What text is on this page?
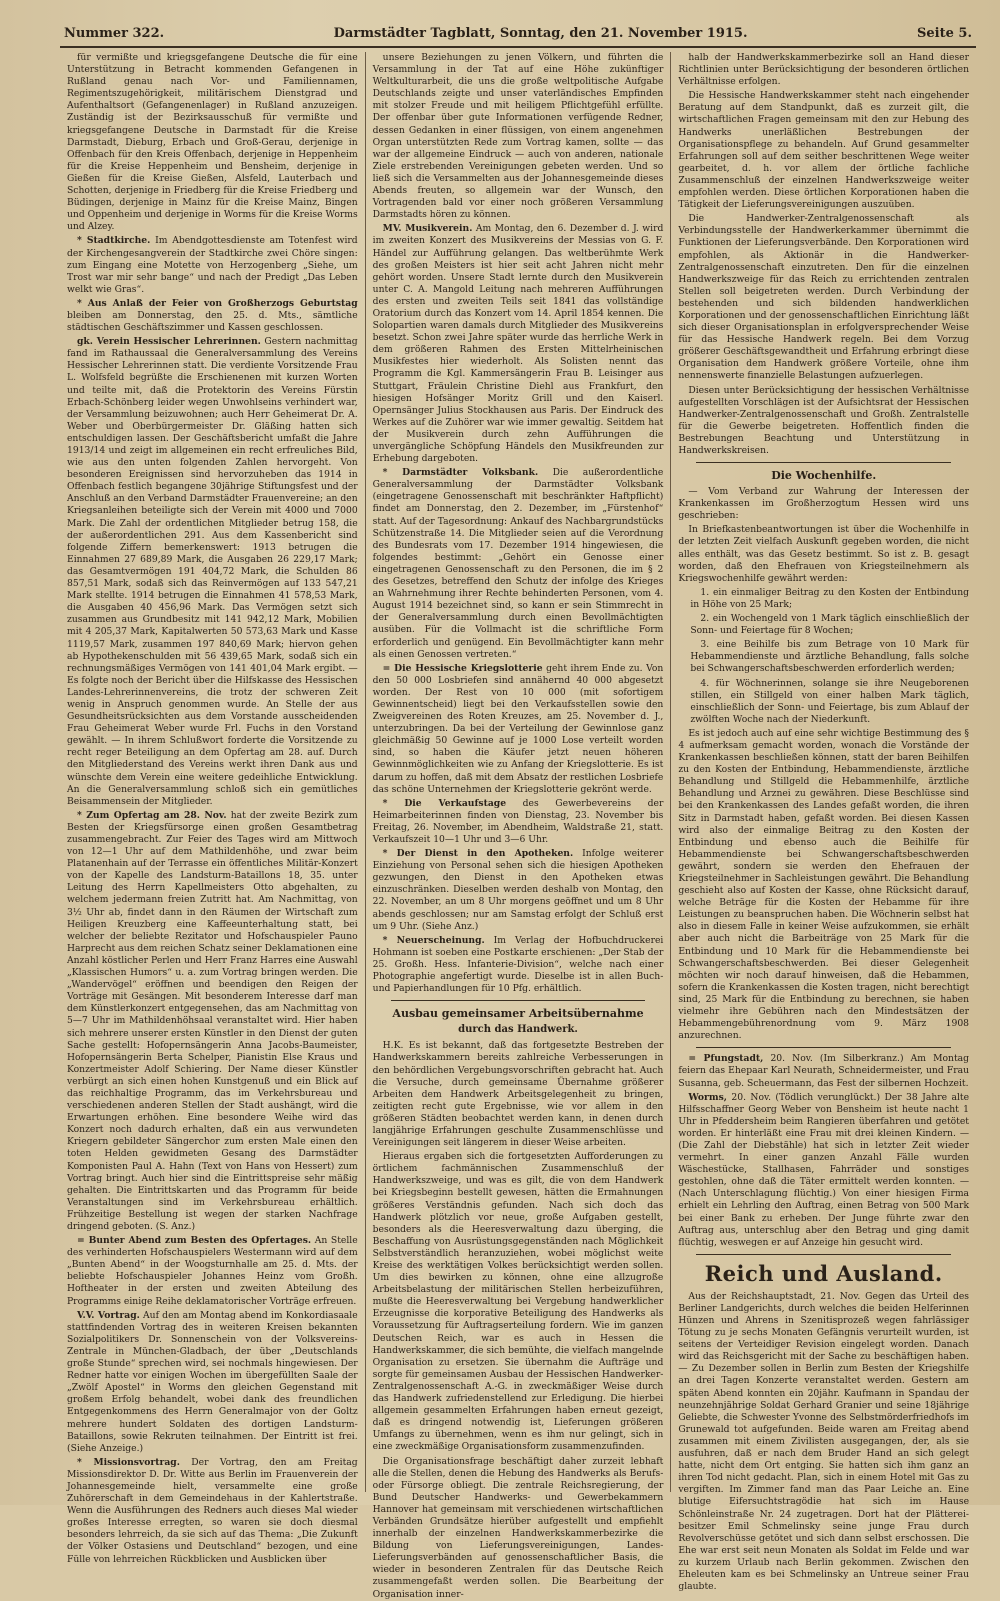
Nummer 322.	Darmstädter Tagblatt, Sonntag, den 21. November 1915.	Seite 5.

für vermißte und kriegsgefangene Deutsche die für eine Unterstützung in Betracht kommenden Gefangenen in Rußland genau nach Vor- und Familiennamen, Regimentszugehörigkeit, militärischem Dienstgrad und Aufenthaltsort (Gefangenenlager) in Rußland anzuzeigen. Zuständig ist der Bezirksausschuß für vermißte und kriegsgefangene Deutsche in Darmstadt für die Kreise Darmstadt, Dieburg, Erbach und Groß-Gerau, derjenige in Offenbach für den Kreis Offenbach, derjenige in Heppenheim für die Kreise Heppenheim und Bensheim, derjenige in Gießen für die Kreise Gießen, Alsfeld, Lauterbach und Schotten, derjenige in Friedberg für die Kreise Friedberg und Büdingen, derjenige in Mainz für die Kreise Mainz, Bingen und Oppenheim und derjenige in Worms für die Kreise Worms und Alzey.

* Stadtkirche. Im Abendgottesdienste am Totenfest wird der Kirchengesangverein der Stadtkirche zwei Chöre singen: zum Eingang eine Motette von Herzogenberg „Siehe, um Trost war mir sehr bange“ und nach der Predigt „Das Leben welkt wie Gras“.

* Aus Anlaß der Feier von Großherzogs Geburtstag bleiben am Donnerstag, den 25. d. Mts., sämtliche städtischen Geschäftszimmer und Kassen geschlossen.

gk. Verein Hessischer Lehrerinnen. Gestern nachmittag fand im Rathaussaal die Generalversammlung des Vereins Hessischer Lehrerinnen statt. Die verdiente Vorsitzende Frau L. Wolfsfeld begrüßte die Erschienenen mit kurzen Worten und teilte mit, daß die Protektorin des Vereins Fürstin Erbach-Schönberg leider wegen Unwohlseins verhindert war, der Versammlung beizuwohnen; auch Herr Geheimerat Dr. A. Weber und Oberbürgermeister Dr. Gläßing hatten sich entschuldigen lassen. Der Geschäftsbericht umfaßt die Jahre 1913/14 und zeigt im allgemeinen ein recht erfreuliches Bild, wie aus den unten folgenden Zahlen hervorgeht. Von besonderen Ereignissen sind hervorzuheben das 1914 in Offenbach festlich begangene 30jährige Stiftungsfest und der Anschluß an den Verband Darmstädter Frauenvereine; an den Kriegsanleihen beteiligte sich der Verein mit 4000 und 7000 Mark. Die Zahl der ordentlichen Mitglieder betrug 158, die der außerordentlichen 291. Aus dem Kassenbericht sind folgende Ziffern bemerkenswert: 1913 betrugen die Einnahmen 27 689,89 Mark, die Ausgaben 26 229,17 Mark; das Gesamtvermögen 191 404,72 Mark, die Schulden 86 857,51 Mark, sodaß sich das Reinvermögen auf 133 547,21 Mark stellte. 1914 betrugen die Einnahmen 41 578,53 Mark, die Ausgaben 40 456,96 Mark. Das Vermögen setzt sich zusammen aus Grundbesitz mit 141 942,12 Mark, Mobilien mit 4 205,37 Mark, Kapitalwerten 50 573,63 Mark und Kasse 1119,57 Mark, zusammen 197 840,69 Mark; hiervon gehen ab Hypothekenschulden mit 56 439,65 Mark, sodaß sich ein rechnungsmäßiges Vermögen von 141 401,04 Mark ergibt. — Es folgte noch der Bericht über die Hilfskasse des Hessischen Landes-Lehrerinnenvereins, die trotz der schweren Zeit wenig in Anspruch genommen wurde. An Stelle der aus Gesundheitsrücksichten aus dem Vorstande ausscheidenden Frau Geheimerat Weber wurde Frl. Fuchs in den Vorstand gewählt. — In ihrem Schlußwort forderte die Vorsitzende zu recht reger Beteiligung an dem Opfertag am 28. auf. Durch den Mitgliederstand des Vereins werkt ihren Dank aus und wünschte dem Verein eine weitere gedeihliche Entwicklung. An die Generalversammlung schloß sich ein gemütliches Beisammensein der Mitglieder.

* Zum Opfertag am 28. Nov. hat der zweite Bezirk zum Besten der Kriegsfürsorge einen großen Gesamtbetrag zusammengebracht. Zur Feier des Tages wird am Mittwoch von 12—1 Uhr auf dem Mathildenhöhe, und zwar beim Platanenhain auf der Terrasse ein öffentliches Militär-Konzert von der Kapelle des Landsturm-Bataillons 18, 35. unter Leitung des Herrn Kapellmeisters Otto abgehalten, zu welchem jedermann freien Zutritt hat. Am Nachmittag, von 3½ Uhr ab, findet dann in den Räumen der Wirtschaft zum Heiligen Kreuzberg eine Kaffeeunterhaltung statt, bei welcher der beliebte Rezitator und Hofschauspieler Pauno Harprecht aus dem reichen Schatz seiner Deklamationen eine Anzahl köstlicher Perlen und Herr Franz Harres eine Auswahl „Klassischen Humors“ u. a. zum Vortrag bringen werden. Die „Wandervögel“ eröffnen und beendigen den Reigen der Vorträge mit Gesängen. Mit besonderem Interesse darf man dem Künstlerkonzert entgegensehen, das am Nachmittag von 5—7 Uhr im Mathildenhöhsaal veranstaltet wird. Hier haben sich mehrere unserer ersten Künstler in den Dienst der guten Sache gestellt: Hofopernsängerin Anna Jacobs-Baumeister, Hofopernsängerin Berta Schelper, Pianistin Else Kraus und Konzertmeister Adolf Schiering. Der Name dieser Künstler verbürgt an sich einen hohen Kunstgenuß und ein Blick auf das reichhaltige Programm, das im Verkehrsbureau und verschiedenen anderen Stellen der Stadt aushängt, wird die Erwartungen erhöhen. Eine besondere Weihe wird das Konzert noch dadurch erhalten, daß ein aus verwundeten Kriegern gebildeter Sängerchor zum ersten Male einen den toten Helden gewidmeten Gesang des Darmstädter Komponisten Paul A. Hahn (Text von Hans von Hessert) zum Vortrag bringt. Auch hier sind die Eintrittspreise sehr mäßig gehalten. Die Eintrittskarten und das Programm für beide Veranstaltungen sind im Verkehrsbureau erhältlich. Frühzeitige Bestellung ist wegen der starken Nachfrage dringend geboten. (S. Anz.)

= Bunter Abend zum Besten des Opfertages. An Stelle des verhinderten Hofschauspielers Westermann wird auf dem „Bunten Abend“ in der Woogsturnhalle am 25. d. Mts. der beliebte Hofschauspieler Johannes Heinz vom Großh. Hoftheater in der ersten und zweiten Abteilung des Programms einige Reihe deklamatorischer Vorträge erfreuen.

V.V. Vortrag. Auf den am Montag abend im Konkordiasaale stattfindenden Vortrag des in weiteren Kreisen bekannten Sozialpolitikers Dr. Sonnenschein von der Volksvereins-Zentrale in München-Gladbach, der über „Deutschlands große Stunde“ sprechen wird, sei nochmals hingewiesen. Der Redner hatte vor einigen Wochen im übergefüllten Saale der „Zwölf Apostel“ in Worms den gleichen Gegenstand mit großem Erfolg behandelt, wobei dank des freundlichen Entgegenkommens des Herrn Generalmajor von der Goltz mehrere hundert Soldaten des dortigen Landsturm-Bataillons, sowie Rekruten teilnahmen. Der Eintritt ist frei. (Siehe Anzeige.)

* Missionsvortrag. Der Vortrag, den am Freitag Missionsdirektor D. Dr. Witte aus Berlin im Frauenverein der Johannesgemeinde hielt, versammelte eine große Zuhörerschaft in dem Gemeindehaus in der Kahlertstraße. Wenn die Ausführungen des Redners auch dieses Mal wieder großes Interesse erregten, so waren sie doch diesmal besonders lehrreich, da sie sich auf das Thema: „Die Zukunft der Völker Ostasiens und Deutschland“ bezogen, und eine Fülle von lehrreichen Rückblicken und Ausblicken über

unsere Beziehungen zu jenen Völkern, und führten die Versammlung in der Tat auf eine Höhe zukünftiger Weltkulturarbeit, die uns die große weltpolitische Aufgabe Deutschlands zeigte und unser vaterländisches Empfinden mit stolzer Freude und mit heiligem Pflichtgefühl erfüllte. Der offenbar über gute Informationen verfügende Redner, dessen Gedanken in einer flüssigen, von einem angenehmen Organ unterstützten Rede zum Vortrag kamen, sollte — das war der allgemeine Eindruck — auch von anderen, nationale Ziele erstrebenden Vereinigungen gebeten werden. Und so ließ sich die Versammelten aus der Johannesgemeinde dieses Abends freuten, so allgemein war der Wunsch, den Vortragenden bald vor einer noch größeren Versammlung Darmstadts hören zu können.

MV. Musikverein. Am Montag, den 6. Dezember d. J. wird im zweiten Konzert des Musikvereins der Messias von G. F. Händel zur Aufführung gelangen. Das weltberühmte Werk des großen Meisters ist hier seit acht Jahren nicht mehr gehört worden. Unsere Stadt lernte durch den Musikverein unter C. A. Mangold Leitung nach mehreren Aufführungen des ersten und zweiten Teils seit 1841 das vollständige Oratorium durch das Konzert vom 14. April 1854 kennen. Die Solopartien waren damals durch Mitglieder des Musikvereins besetzt. Schon zwei Jahre später wurde das herrliche Werk in dem größeren Rahmen des Ersten Mittelrheinischen Musikfestes hier wiederholt. Als Solisten nennt das Programm die Kgl. Kammersängerin Frau B. Leisinger aus Stuttgart, Fräulein Christine Diehl aus Frankfurt, den hiesigen Hofsänger Moritz Grill und den Kaiserl. Opernsänger Julius Stockhausen aus Paris. Der Eindruck des Werkes auf die Zuhörer war wie immer gewaltig. Seitdem hat der Musikverein durch zehn Aufführungen die unvergängliche Schöpfung Händels den Musikfreunden zur Erhebung dargeboten.

* Darmstädter Volksbank. Die außerordentliche Generalversammlung der Darmstädter Volksbank (eingetragene Genossenschaft mit beschränkter Haftpflicht) findet am Donnerstag, den 2. Dezember, im „Fürstenhof“ statt. Auf der Tagesordnung: Ankauf des Nachbargrundstücks Schützenstraße 14. Die Mitglieder seien auf die Verordnung des Bundesrats vom 17. Dezember 1914 hingewiesen, die folgendes bestimmt: „Gehört ein Genosse einer eingetragenen Genossenschaft zu den Personen, die im § 2 des Gesetzes, betreffend den Schutz der infolge des Krieges an Wahrnehmung ihrer Rechte behinderten Personen, vom 4. August 1914 bezeichnet sind, so kann er sein Stimmrecht in der Generalversammlung durch einen Bevollmächtigten ausüben. Für die Vollmacht ist die schriftliche Form erforderlich und genügend. Ein Bevollmächtigter kann mehr als einen Genossen vertreten.“

= Die Hessische Kriegslotterie geht ihrem Ende zu. Von den 50 000 Losbriefen sind annähernd 40 000 abgesetzt worden. Der Rest von 10 000 (mit sofortigem Gewinnentscheid) liegt bei den Verkaufsstellen sowie den Zweigvereinen des Roten Kreuzes, am 25. November d. J., unterzubringen. Da bei der Verteilung der Gewinnlose ganz gleichmäßig 50 Gewinne auf je 1000 Lose verteilt worden sind, so haben die Käufer jetzt neuen höheren Gewinnmöglichkeiten wie zu Anfang der Kriegslotterie. Es ist darum zu hoffen, daß mit dem Absatz der restlichen Losbriefe das schöne Unternehmen der Kriegslotterie gekrönt werde.

* Die Verkaufstage des Gewerbevereins der Heimarbeiterinnen finden von Dienstag, 23. November bis Freitag, 26. November, im Abendheim, Waldstraße 21, statt. Verkaufszeit 10—1 Uhr und 3—6 Uhr.

* Der Dienst in den Apotheken. Infolge weiterer Einziehung von Personal sehen sich die hiesigen Apotheken gezwungen, den Dienst in den Apotheken etwas einzuschränken. Dieselben werden deshalb von Montag, den 22. November, an um 8 Uhr morgens geöffnet und um 8 Uhr abends geschlossen; nur am Samstag erfolgt der Schluß erst um 9 Uhr. (Siehe Anz.)

* Neuerscheinung. Im Verlag der Hofbuchdruckerei Hohmann ist soeben eine Postkarte erschienen: „Der Stab der 25. Großh. Hess. Infanterie-Division“, welche nach einer Photographie angefertigt wurde. Dieselbe ist in allen Buch- und Papierhandlungen für 10 Pfg. erhältlich.

Ausbau gemeinsamer Arbeitsübernahme
durch das Handwerk.

H.K. Es ist bekannt, daß das fortgesetzte Bestreben der Handwerkskammern bereits zahlreiche Verbesserungen in den behördlichen Vergebungsvorschriften gebracht hat. Auch die Versuche, durch gemeinsame Übernahme größerer Arbeiten dem Handwerk Arbeitsgelegenheit zu bringen, zeitigten recht gute Ergebnisse, wie vor allem in den größeren Städten beobachtet werden kann, in denen durch langjährige Erfahrungen geschulte Zusammenschlüsse und Vereinigungen seit längerem in dieser Weise arbeiten.

Hieraus ergaben sich die fortgesetzten Aufforderungen zu örtlichem fachmännischen Zusammenschluß der Handwerkszweige, und was es gilt, die von dem Handwerk bei Kriegsbeginn bestellt gewesen, hätten die Ermahnungen größeres Verständnis gefunden. Nach sich doch das Handwerk plötzlich vor neue, große Aufgaben gestellt, besonders als die Heeresverwaltung dazu überging, die Beschaffung von Ausrüstungsgegenständen nach Möglichkeit Selbstverständlich heranzuziehen, wobei möglichst weite Kreise des werktätigen Volkes berücksichtigt werden sollen. Um dies bewirken zu können, ohne eine allzugroße Arbeitsbelastung der militärischen Stellen herbeizuführen, mußte die Heeresverwaltung bei Vergebung handwerklicher Erzeugnisse die korporative Beteiligung des Handwerks als Voraussetzung für Auftragserteilung fordern. Wie im ganzen Deutschen Reich, war es auch in Hessen die Handwerkskammer, die sich bemühte, die vielfach mangelnde Organisation zu ersetzen. Sie übernahm die Aufträge und sorgte für gemeinsamen Ausbau der Hessischen Handwerker-Zentralgenossenschaft A.-G. in zweckmäßiger Weise durch das Handwerk zufriedenstellend zur Erledigung. Die hierbei allgemein gesammelten Erfahrungen haben erneut gezeigt, daß es dringend notwendig ist, Lieferungen größeren Umfangs zu übernehmen, wenn es ihm nur gelingt, sich in eine zweckmäßige Organisationsform zusammenzufinden.

Die Organisationsfrage beschäftigt daher zurzeit lebhaft alle die Stellen, denen die Hebung des Handwerks als Berufs- oder Fürsorge obliegt. Die zentrale Reichsregierung, der Bund Deutscher Handwerks- und Gewerbekammern Hannover hat gemeinsam mit verschiedenen wirtschaftlichen Verbänden Grundsätze hierüber aufgestellt und empfiehlt innerhalb der einzelnen Handwerkskammerbezirke die Bildung von Lieferungsvereinigungen, Landes-Lieferungsverbänden auf genossenschaftlicher Basis, die wieder in besonderen Zentralen für das Deutsche Reich zusammengefaßt werden sollen. Die Bearbeitung der Organisation inner-

halb der Handwerkskammerbezirke soll an Hand dieser Richtlinien unter Berücksichtigung der besonderen örtlichen Verhältnisse erfolgen.

Die Hessische Handwerkskammer steht nach eingehender Beratung auf dem Standpunkt, daß es zurzeit gilt, die wirtschaftlichen Fragen gemeinsam mit den zur Hebung des Handwerks unerläßlichen Bestrebungen der Organisationspflege zu behandeln. Auf Grund gesammelter Erfahrungen soll auf dem seither beschrittenen Wege weiter gearbeitet, d. h. vor allem der örtliche fachliche Zusammenschluß der einzelnen Handwerkszweige weiter empfohlen werden. Diese örtlichen Korporationen haben die Tätigkeit der Lieferungsvereinigungen auszuüben.

Die Handwerker-Zentralgenossenschaft als Verbindungsstelle der Handwerkerkammer übernimmt die Funktionen der Lieferungsverbände. Den Korporationen wird empfohlen, als Aktionär in die Handwerker-Zentralgenossenschaft einzutreten. Den für die einzelnen Handwerkszweige für das Reich zu errichtenden zentralen Stellen soll beigetreten werden. Durch Verbindung der bestehenden und sich bildenden handwerklichen Korporationen und der genossenschaftlichen Einrichtung läßt sich dieser Organisationsplan in erfolgversprechender Weise für das Hessische Handwerk regeln. Bei dem Vorzug größerer Geschäftsgewandtheit und Erfahrung erbringt diese Organisation dem Handwerk größere Vorteile, ohne ihm nennenswerte finanzielle Belastungen aufzuerlegen.

Diesen unter Berücksichtigung der hessischen Verhältnisse aufgestellten Vorschlägen ist der Aufsichtsrat der Hessischen Handwerker-Zentralgenossenschaft und Großh. Zentralstelle für die Gewerbe beigetreten. Hoffentlich finden die Bestrebungen Beachtung und Unterstützung in Handwerkskreisen.

Die Wochenhilfe.

— Vom Verband zur Wahrung der Interessen der Krankenkassen im Großherzogtum Hessen wird uns geschrieben:

In Briefkastenbeantwortungen ist über die Wochenhilfe in der letzten Zeit vielfach Auskunft gegeben worden, die nicht alles enthält, was das Gesetz bestimmt. So ist z. B. gesagt worden, daß den Ehefrauen von Kriegsteilnehmern als Kriegswochenhilfe gewährt werden:

1. ein einmaliger Beitrag zu den Kosten der Entbindung in Höhe von 25 Mark;

2. ein Wochengeld von 1 Mark täglich einschließlich der Sonn- und Feiertage für 8 Wochen;

3. eine Beihilfe bis zum Betrage von 10 Mark für Hebammendienste und ärztliche Behandlung, falls solche bei Schwangerschaftsbeschwerden erforderlich werden;

4. für Wöchnerinnen, solange sie ihre Neugeborenen stillen, ein Stillgeld von einer halben Mark täglich, einschließlich der Sonn- und Feiertage, bis zum Ablauf der zwölften Woche nach der Niederkunft.

Es ist jedoch auch auf eine sehr wichtige Bestimmung des § 4 aufmerksam gemacht worden, wonach die Vorstände der Krankenkassen beschließen können, statt der baren Beihilfen zu den Kosten der Entbindung, Hebammendienste, ärztliche Behandlung und Stillgeld die Hebammenhilfe, ärztliche Behandlung und Arznei zu gewähren. Diese Beschlüsse sind bei den Krankenkassen des Landes gefaßt worden, die ihren Sitz in Darmstadt haben, gefaßt worden. Bei diesen Kassen wird also der einmalige Beitrag zu den Kosten der Entbindung und ebenso auch die Beihilfe für Hebammendienste bei Schwangerschaftsbeschwerden gewährt, sondern sie werden den Ehefrauen der Kriegsteilnehmer in Sachleistungen gewährt. Die Behandlung geschieht also auf Kosten der Kasse, ohne Rücksicht darauf, welche Beträge für die Kosten der Hebamme für ihre Leistungen zu beanspruchen haben. Die Wöchnerin selbst hat also in diesem Falle in keiner Weise aufzukommen, sie erhält aber auch nicht die Barbeiträge von 25 Mark für die Entbindung und 10 Mark für die Hebammendienste bei Schwangerschaftsbeschwerden. Bei dieser Gelegenheit möchten wir noch darauf hinweisen, daß die Hebammen, sofern die Krankenkassen die Kosten tragen, nicht berechtigt sind, 25 Mark für die Entbindung zu berechnen, sie haben vielmehr ihre Gebühren nach den Mindestsätzen der Hebammengebührenordnung vom 9. März 1908 anzurechnen.

= Pfungstadt, 20. Nov. (Im Silberkranz.) Am Montag feiern das Ehepaar Karl Neurath, Schneidermeister, und Frau Susanna, geb. Scheuermann, das Fest der silbernen Hochzeit.

Worms, 20. Nov. (Tödlich verunglückt.) Der 38 Jahre alte Hilfsschaffner Georg Weber von Bensheim ist heute nacht 1 Uhr in Pfeddersheim beim Rangieren überfahren und getötet worden. Er hinterläßt eine Frau mit drei kleinen Kindern. — (Die Zahl der Diebstähle) hat sich in letzter Zeit wieder vermehrt. In einer ganzen Anzahl Fälle wurden Wäschestücke, Stallhasen, Fahrräder und sonstiges gestohlen, ohne daß die Täter ermittelt werden konnten. — (Nach Unterschlagung flüchtig.) Von einer hiesigen Firma erhielt ein Lehrling den Auftrag, einen Betrag von 500 Mark bei einer Bank zu erheben. Der Junge führte zwar den Auftrag aus, unterschlug aber den Betrag und ging damit flüchtig, weswegen er auf Anzeige hin gesucht wird.

Reich und Ausland.

Aus der Reichshauptstadt, 21. Nov. Gegen das Urteil des Berliner Landgerichts, durch welches die beiden Helferinnen Hünzen und Ahrens in Szenitisprozeß wegen fahrlässiger Tötung zu je sechs Monaten Gefängnis verurteilt wurden, ist seitens der Verteidiger Revision eingelegt worden. Danach wird das Reichsgericht mit der Sache zu beschäftigen haben. — Zu Dezember sollen in Berlin zum Besten der Kriegshilfe an drei Tagen Konzerte veranstaltet werden. Gestern am späten Abend konnten ein 20jähr. Kaufmann in Spandau der neunzehnjährige Soldat Gerhard Granier und seine 18jährige Geliebte, die Schwester Yvonne des Selbstmörderfriedhofs im Grunewald tot aufgefunden. Beide waren am Freitag abend zusammen mit einem Zivilisten ausgegangen, der, als sie ausfuhren, daß er nach dem Bruder Hand an sich gelegt hatte, nicht dem Ort entging. Sie hatten sich ihm ganz an ihren Tod nicht gedacht. Plan, sich in einem Hotel mit Gas zu vergiften. Im Zimmer fand man das Paar Leiche an. Eine blutige Eifersuchtstragödie hat sich im Hause Schönleinstraße Nr. 24 zugetragen. Dort hat der Plätterei-besitzer Emil Schmelinsky seine junge Frau durch Revolverschüsse getötet und sich dann selbst erschossen. Die Ehe war erst seit neun Monaten als Soldat im Felde und war zu kurzem Urlaub nach Berlin gekommen. Zwischen den Eheleuten kam es bei Schmelinsky an Untreue seiner Frau glaubte.
